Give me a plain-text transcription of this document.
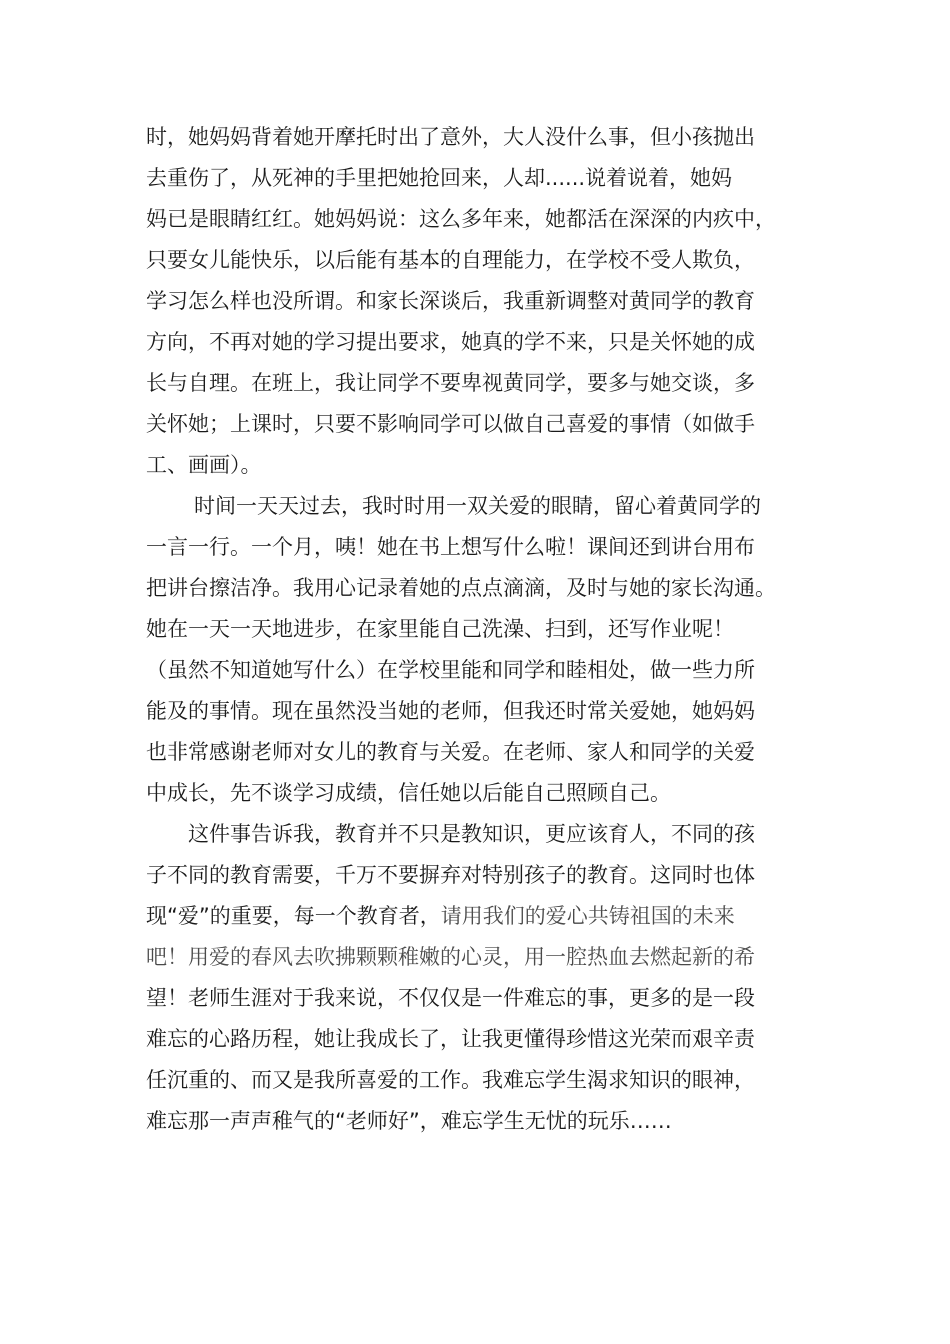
时，她妈妈背着她开摩托时出了意外，大人没什么事，但小孩抛出
去重伤了，从死神的手里把她抢回来，人却......说着说着，她妈
妈已是眼睛红红。她妈妈说：这么多年来，她都活在深深的内疚中，
只要女儿能快乐，以后能有基本的自理能力，在学校不受人欺负，
学习怎么样也没所谓。和家长深谈后，我重新调整对黄同学的教育
方向，不再对她的学习提出要求，她真的学不来，只是关怀她的成
长与自理。在班上，我让同学不要卑视黄同学，要多与她交谈，多
关怀她；上课时，只要不影响同学可以做自己喜爱的事情（如做手
工、画画）。
时间一天天过去，我时时用一双关爱的眼睛，留心着黄同学的
一言一行。一个月，咦！她在书上想写什么啦！课间还到讲台用布
把讲台擦洁净。我用心记录着她的点点滴滴，及时与她的家长沟通。
她在一天一天地进步，在家里能自己洗澡、扫到，还写作业呢！
（虽然不知道她写什么）在学校里能和同学和睦相处，做一些力所
能及的事情。现在虽然没当她的老师，但我还时常关爱她，她妈妈
也非常感谢老师对女儿的教育与关爱。在老师、家人和同学的关爱
中成长，先不谈学习成绩，信任她以后能自己照顾自己。
这件事告诉我，教育并不只是教知识，更应该育人，不同的孩
子不同的教育需要，千万不要摒弃对特别孩子的教育。这同时也体
现“爱”的重要，每一个教育者，请用我们的爱心共铸祖国的未来
吧！用爱的春风去吹拂颗颗稚嫩的心灵，用一腔热血去燃起新的希
望！老师生涯对于我来说，不仅仅是一件难忘的事，更多的是一段
难忘的心路历程，她让我成长了，让我更懂得珍惜这光荣而艰辛责
任沉重的、而又是我所喜爱的工作。我难忘学生渴求知识的眼神，
难忘那一声声稚气的“老师好”，难忘学生无忧的玩乐……
